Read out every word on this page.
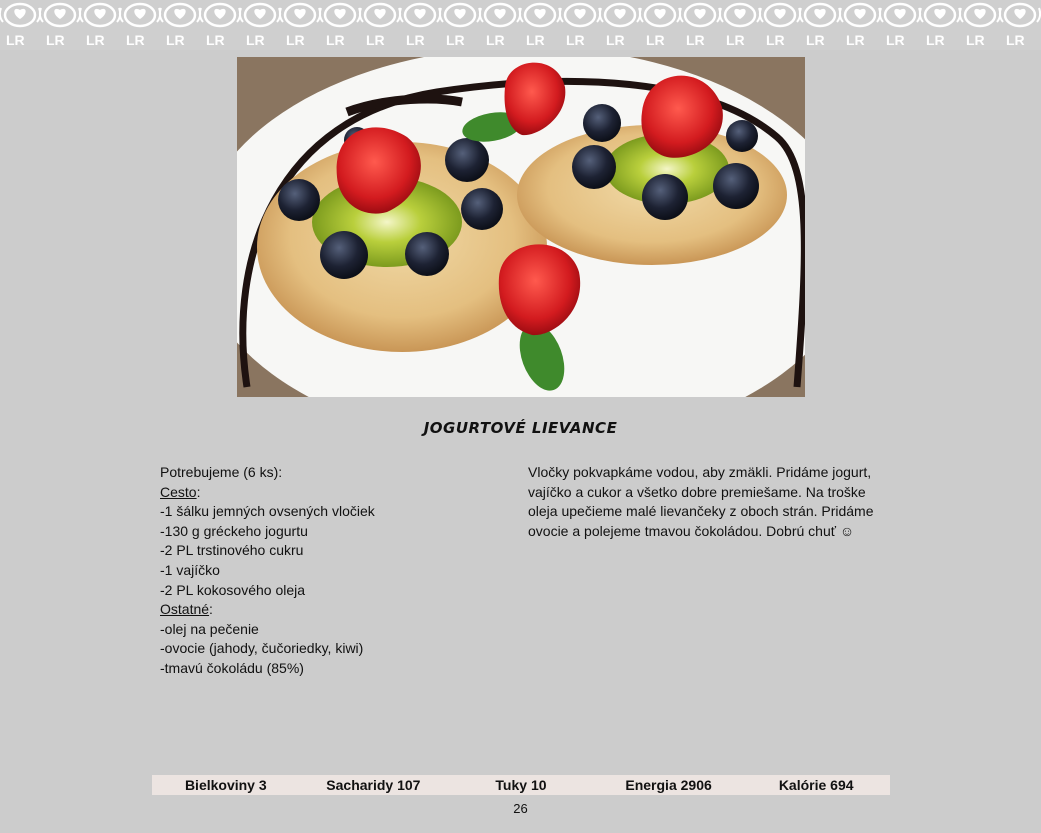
LR LR LR LR LR LR LR LR LR LR LR LR LR LR LR LR LR LR LR LR LR LR LR LR LR LR
JOGURTOVÉ LIEVANCE
Potrebujeme (6 ks):
Cesto:
-1 šálku jemných ovsených vločiek
-130 g gréckeho jogurtu
-2 PL trstinového cukru
-1 vajíčko
-2 PL kokosového oleja
Ostatné:
-olej na pečenie
-ovocie (jahody, čučoriedky, kiwi)
-tmavú čokoládu (85%)
Vločky pokvapkáme vodou, aby zmäkli. Pridáme jogurt, vajíčko a cukor a všetko dobre premiešame. Na troške oleja upečieme malé lievančeky z oboch strán. Pridáme ovocie a polejeme tmavou čokoládou. Dobrú chuť ☺
Bielkoviny 3	Sacharidy 107	Tuky 10	Energia 2906	Kalórie 694
26
